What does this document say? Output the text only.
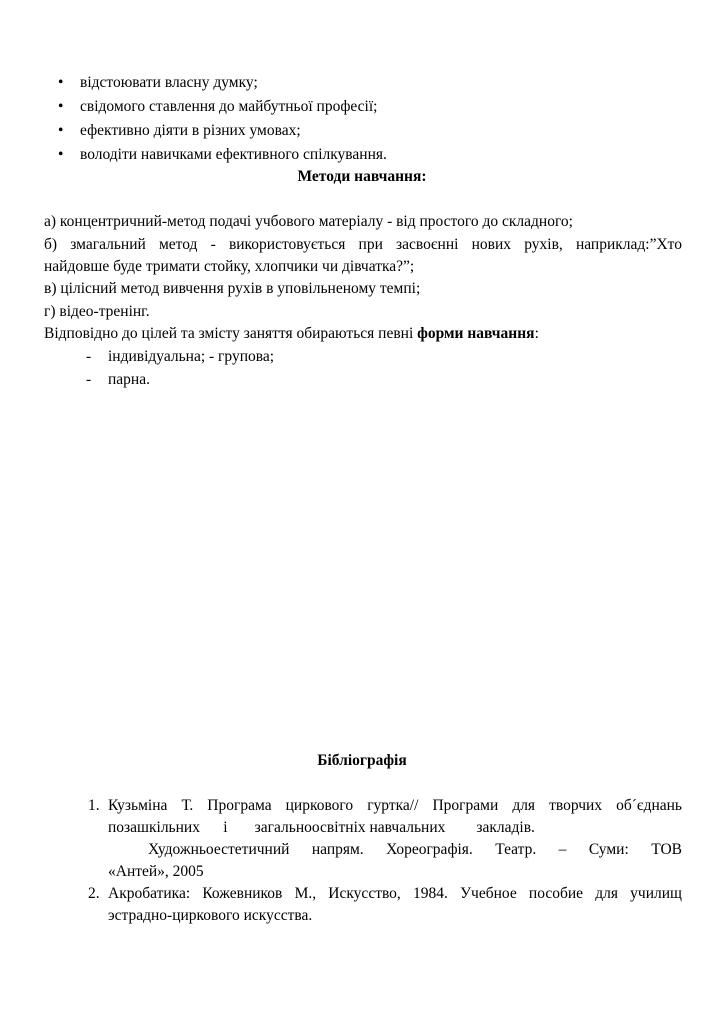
• відстоювати власну думку;
• свідомого ставлення до майбутньої професії;
• ефективно діяти в різних умовах;
• володіти навичками ефективного спілкування.
Методи навчання:
а) концентричний-метод подачі учбового матеріалу - від простого до складного;
б) змагальний метод - використовується при засвоєнні нових рухів, наприклад:”Хто
найдовше буде тримати стойку, хлопчики чи дівчатка?”;
в) цілісний метод вивчення рухів в уповільненому темпі;
г) відео-тренінг.
Відповідно до цілей та змісту заняття обираються певні форми навчання:
- індивідуальна; - групова;
- парна.
Бібліографія
1. Кузьміна Т. Програма циркового гуртка// Програми для творчих об´єднань
позашкільних      і       загальноосвітніх навчальних        закладів.
Художньоестетичний напрям. Хореографія. Театр. – Суми: ТОВ
«Антей», 2005
2. Акробатика: Кожевников М., Искусство, 1984. Учебное пособие для училищ
эстрадно-циркового искусства.
